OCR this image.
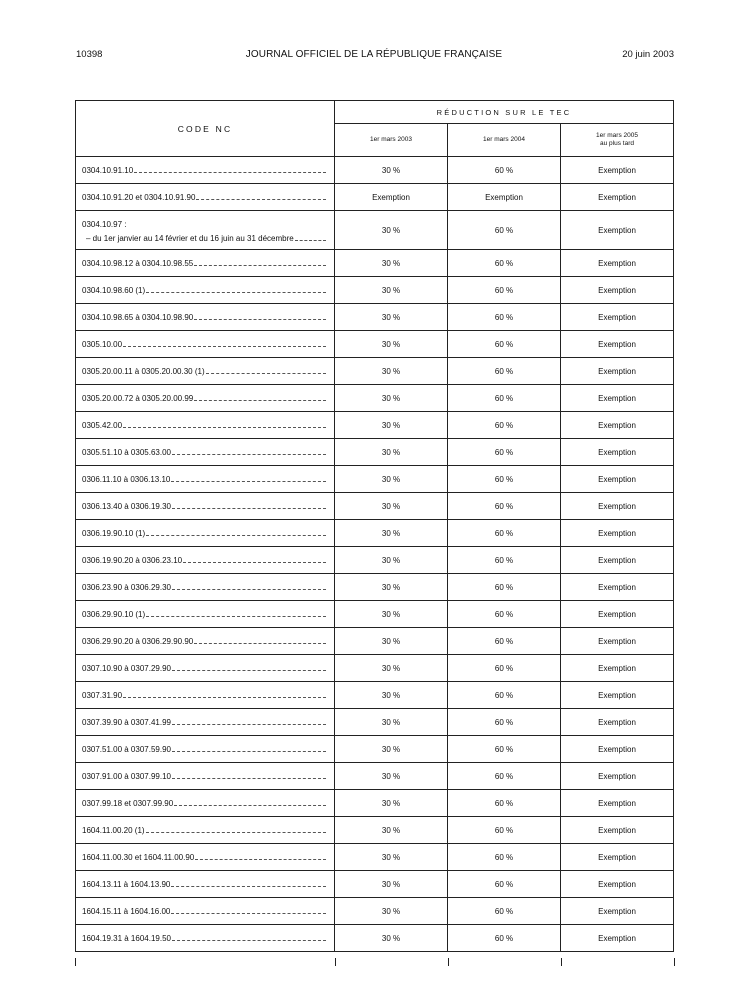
10398	JOURNAL OFFICIEL DE LA RÉPUBLIQUE FRANÇAISE	20 juin 2003
CODE NC	RÉDUCTION SUR LE TEC		
	1er mars 2003	1er mars 2004	1er mars 2005
au plus tard

0304.10.91.10	30 %	60 %	Exemption

0304.10.91.20 et 0304.10.91.90	Exemption	Exemption	Exemption

0304.10.97 :
– du 1er janvier au 14 février et du 16 juin au 31 décembre	30 %	60 %	Exemption

0304.10.98.12 à 0304.10.98.55	30 %	60 %	Exemption

0304.10.98.60 (1)	30 %	60 %	Exemption

0304.10.98.65 à 0304.10.98.90	30 %	60 %	Exemption

0305.10.00	30 %	60 %	Exemption

0305.20.00.11 à 0305.20.00.30 (1)	30 %	60 %	Exemption

0305.20.00.72 à 0305.20.00.99	30 %	60 %	Exemption

0305.42.00	30 %	60 %	Exemption

0305.51.10 à 0305.63.00	30 %	60 %	Exemption

0306.11.10 à 0306.13.10	30 %	60 %	Exemption

0306.13.40 à 0306.19.30	30 %	60 %	Exemption

0306.19.90.10 (1)	30 %	60 %	Exemption

0306.19.90.20 à 0306.23.10	30 %	60 %	Exemption

0306.23.90 à 0306.29.30	30 %	60 %	Exemption

0306.29.90.10 (1)	30 %	60 %	Exemption

0306.29.90.20 à 0306.29.90.90	30 %	60 %	Exemption

0307.10.90 à 0307.29.90	30 %	60 %	Exemption

0307.31.90	30 %	60 %	Exemption

0307.39.90 à 0307.41.99	30 %	60 %	Exemption

0307.51.00 à 0307.59.90	30 %	60 %	Exemption

0307.91.00 à 0307.99.10	30 %	60 %	Exemption

0307.99.18 et 0307.99.90	30 %	60 %	Exemption

1604.11.00.20 (1)	30 %	60 %	Exemption

1604.11.00.30 et 1604.11.00.90	30 %	60 %	Exemption

1604.13.11 à 1604.13.90	30 %	60 %	Exemption

1604.15.11 à 1604.16.00	30 %	60 %	Exemption

1604.19.31 à 1604.19.50	30 %	60 %	Exemption
